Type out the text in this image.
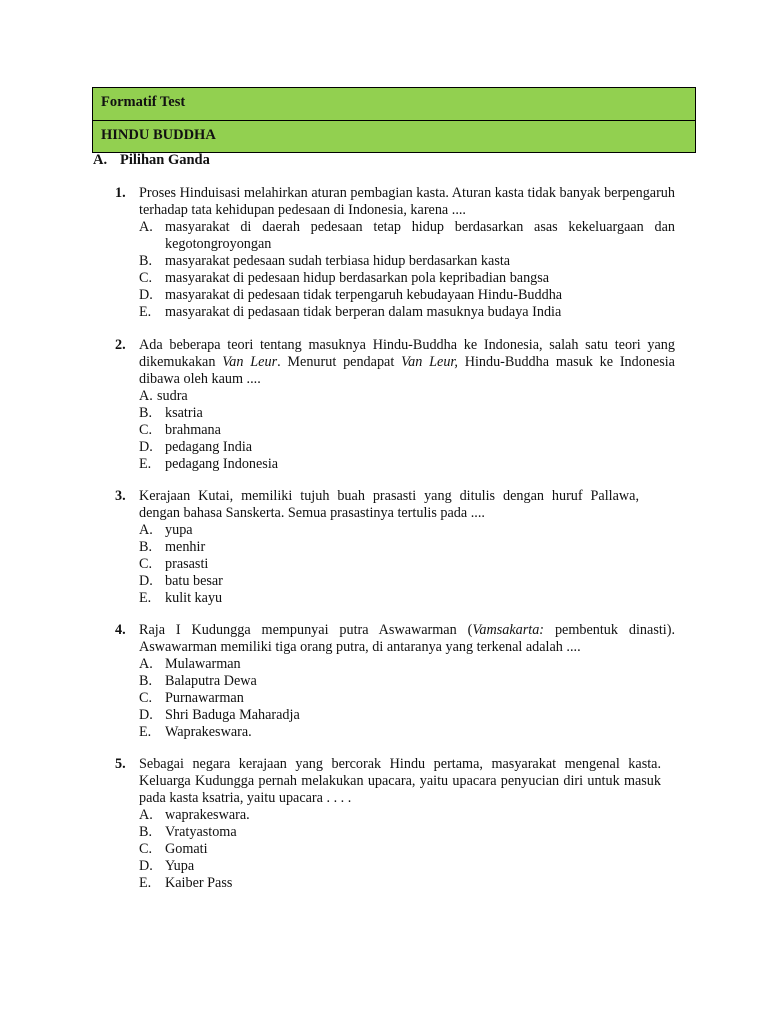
Formatif Test
HINDU BUDDHA
A. Pilihan Ganda
1. Proses Hinduisasi melahirkan aturan pembagian kasta. Aturan kasta tidak banyak berpengaruh terhadap tata kehidupan pedesaan di Indonesia, karena ....
A. masyarakat di daerah pedesaan tetap hidup berdasarkan asas kekeluargaan dan kegotongroyongan
B. masyarakat pedesaan sudah terbiasa hidup berdasarkan kasta
C. masyarakat di pedesaan hidup berdasarkan pola kepribadian bangsa
D. masyarakat di pedesaan tidak terpengaruh kebudayaan Hindu-Buddha
E. masyarakat di pedasaan tidak berperan dalam masuknya budaya India
2. Ada beberapa teori tentang masuknya Hindu-Buddha ke Indonesia, salah satu teori yang dikemukakan Van Leur. Menurut pendapat Van Leur, Hindu-Buddha masuk ke Indonesia dibawa oleh kaum ....
A. sudra
B. ksatria
C. brahmana
D. pedagang India
E. pedagang Indonesia
3. Kerajaan Kutai, memiliki tujuh buah prasasti yang ditulis dengan huruf Pallawa, dengan bahasa Sanskerta. Semua prasastinya tertulis pada ....
A. yupa
B. menhir
C. prasasti
D. batu besar
E. kulit kayu
4. Raja I Kudungga mempunyai putra Aswawarman (Vamsakarta: pembentuk dinasti). Aswawarman memiliki tiga orang putra, di antaranya yang terkenal adalah ....
A. Mulawarman
B. Balaputra Dewa
C. Purnawarman
D. Shri Baduga Maharadja
E. Waprakeswara.
5. Sebagai negara kerajaan yang bercorak Hindu pertama, masyarakat mengenal kasta. Keluarga Kudungga pernah melakukan upacara, yaitu upacara penyucian diri untuk masuk pada kasta ksatria, yaitu upacara . . . .
A. waprakeswara.
B. Vratyastoma
C. Gomati
D. Yupa
E. Kaiber Pass
